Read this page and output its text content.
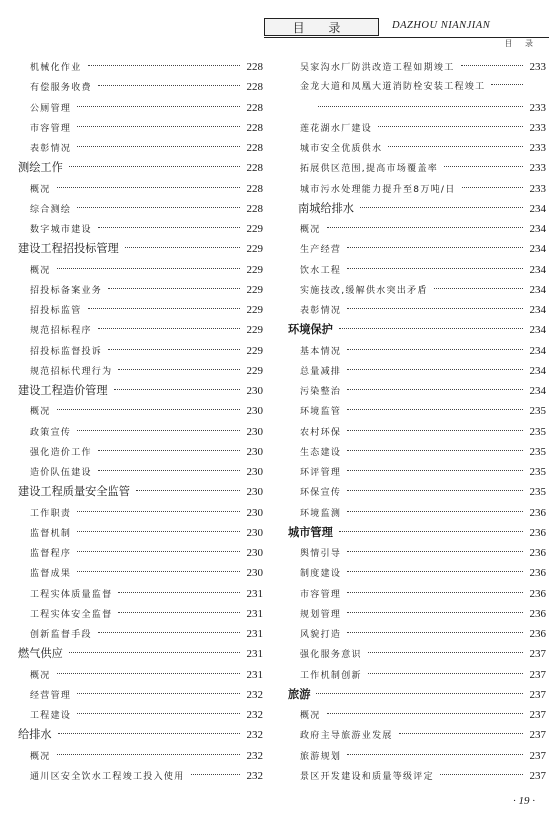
目 录	DAZHOU NIANJIAN
目 录
机械化作业	228
有偿服务收费	228
公厕管理	228
市容管理	228
表彰情况	228
测绘工作	228
概况	228
综合测绘	228
数字城市建设	229
建设工程招投标管理	229
概况	229
招投标备案业务	229
招投标监管	229
规范招标程序	229
招投标监督投诉	229
规范招标代理行为	229
建设工程造价管理	230
概况	230
政策宣传	230
强化造价工作	230
造价队伍建设	230
建设工程质量安全监管	230
工作职责	230
监督机制	230
监督程序	230
监督成果	230
工程实体质量监督	231
工程实体安全监督	231
创新监督手段	231
燃气供应	231
概况	231
经营管理	232
工程建设	232
给排水	232
概况	232
通川区安全饮水工程竣工投入使用	232
吴家沟水厂防洪改造工程如期竣工	233
金龙大道和凤凰大道消防栓安装工程竣工
233
莲花湖水厂建设	233
城市安全优质供水	233
拓展供区范围,提高市场覆盖率	233
城市污水处理能力提升至8万吨/日	233
南城给排水	234
概况	234
生产经营	234
饮水工程	234
实施技改,缓解供水突出矛盾	234
表彰情况	234
环境保护	234
基本情况	234
总量减排	234
污染整治	234
环境监管	235
农村环保	235
生态建设	235
环评管理	235
环保宣传	235
环境监测	236
城市管理	236
舆情引导	236
制度建设	236
市容管理	236
规划管理	236
风貌打造	236
强化服务意识	237
工作机制创新	237
旅游	237
概况	237
政府主导旅游业发展	237
旅游规划	237
景区开发建设和质量等级评定	237
· 19 ·
